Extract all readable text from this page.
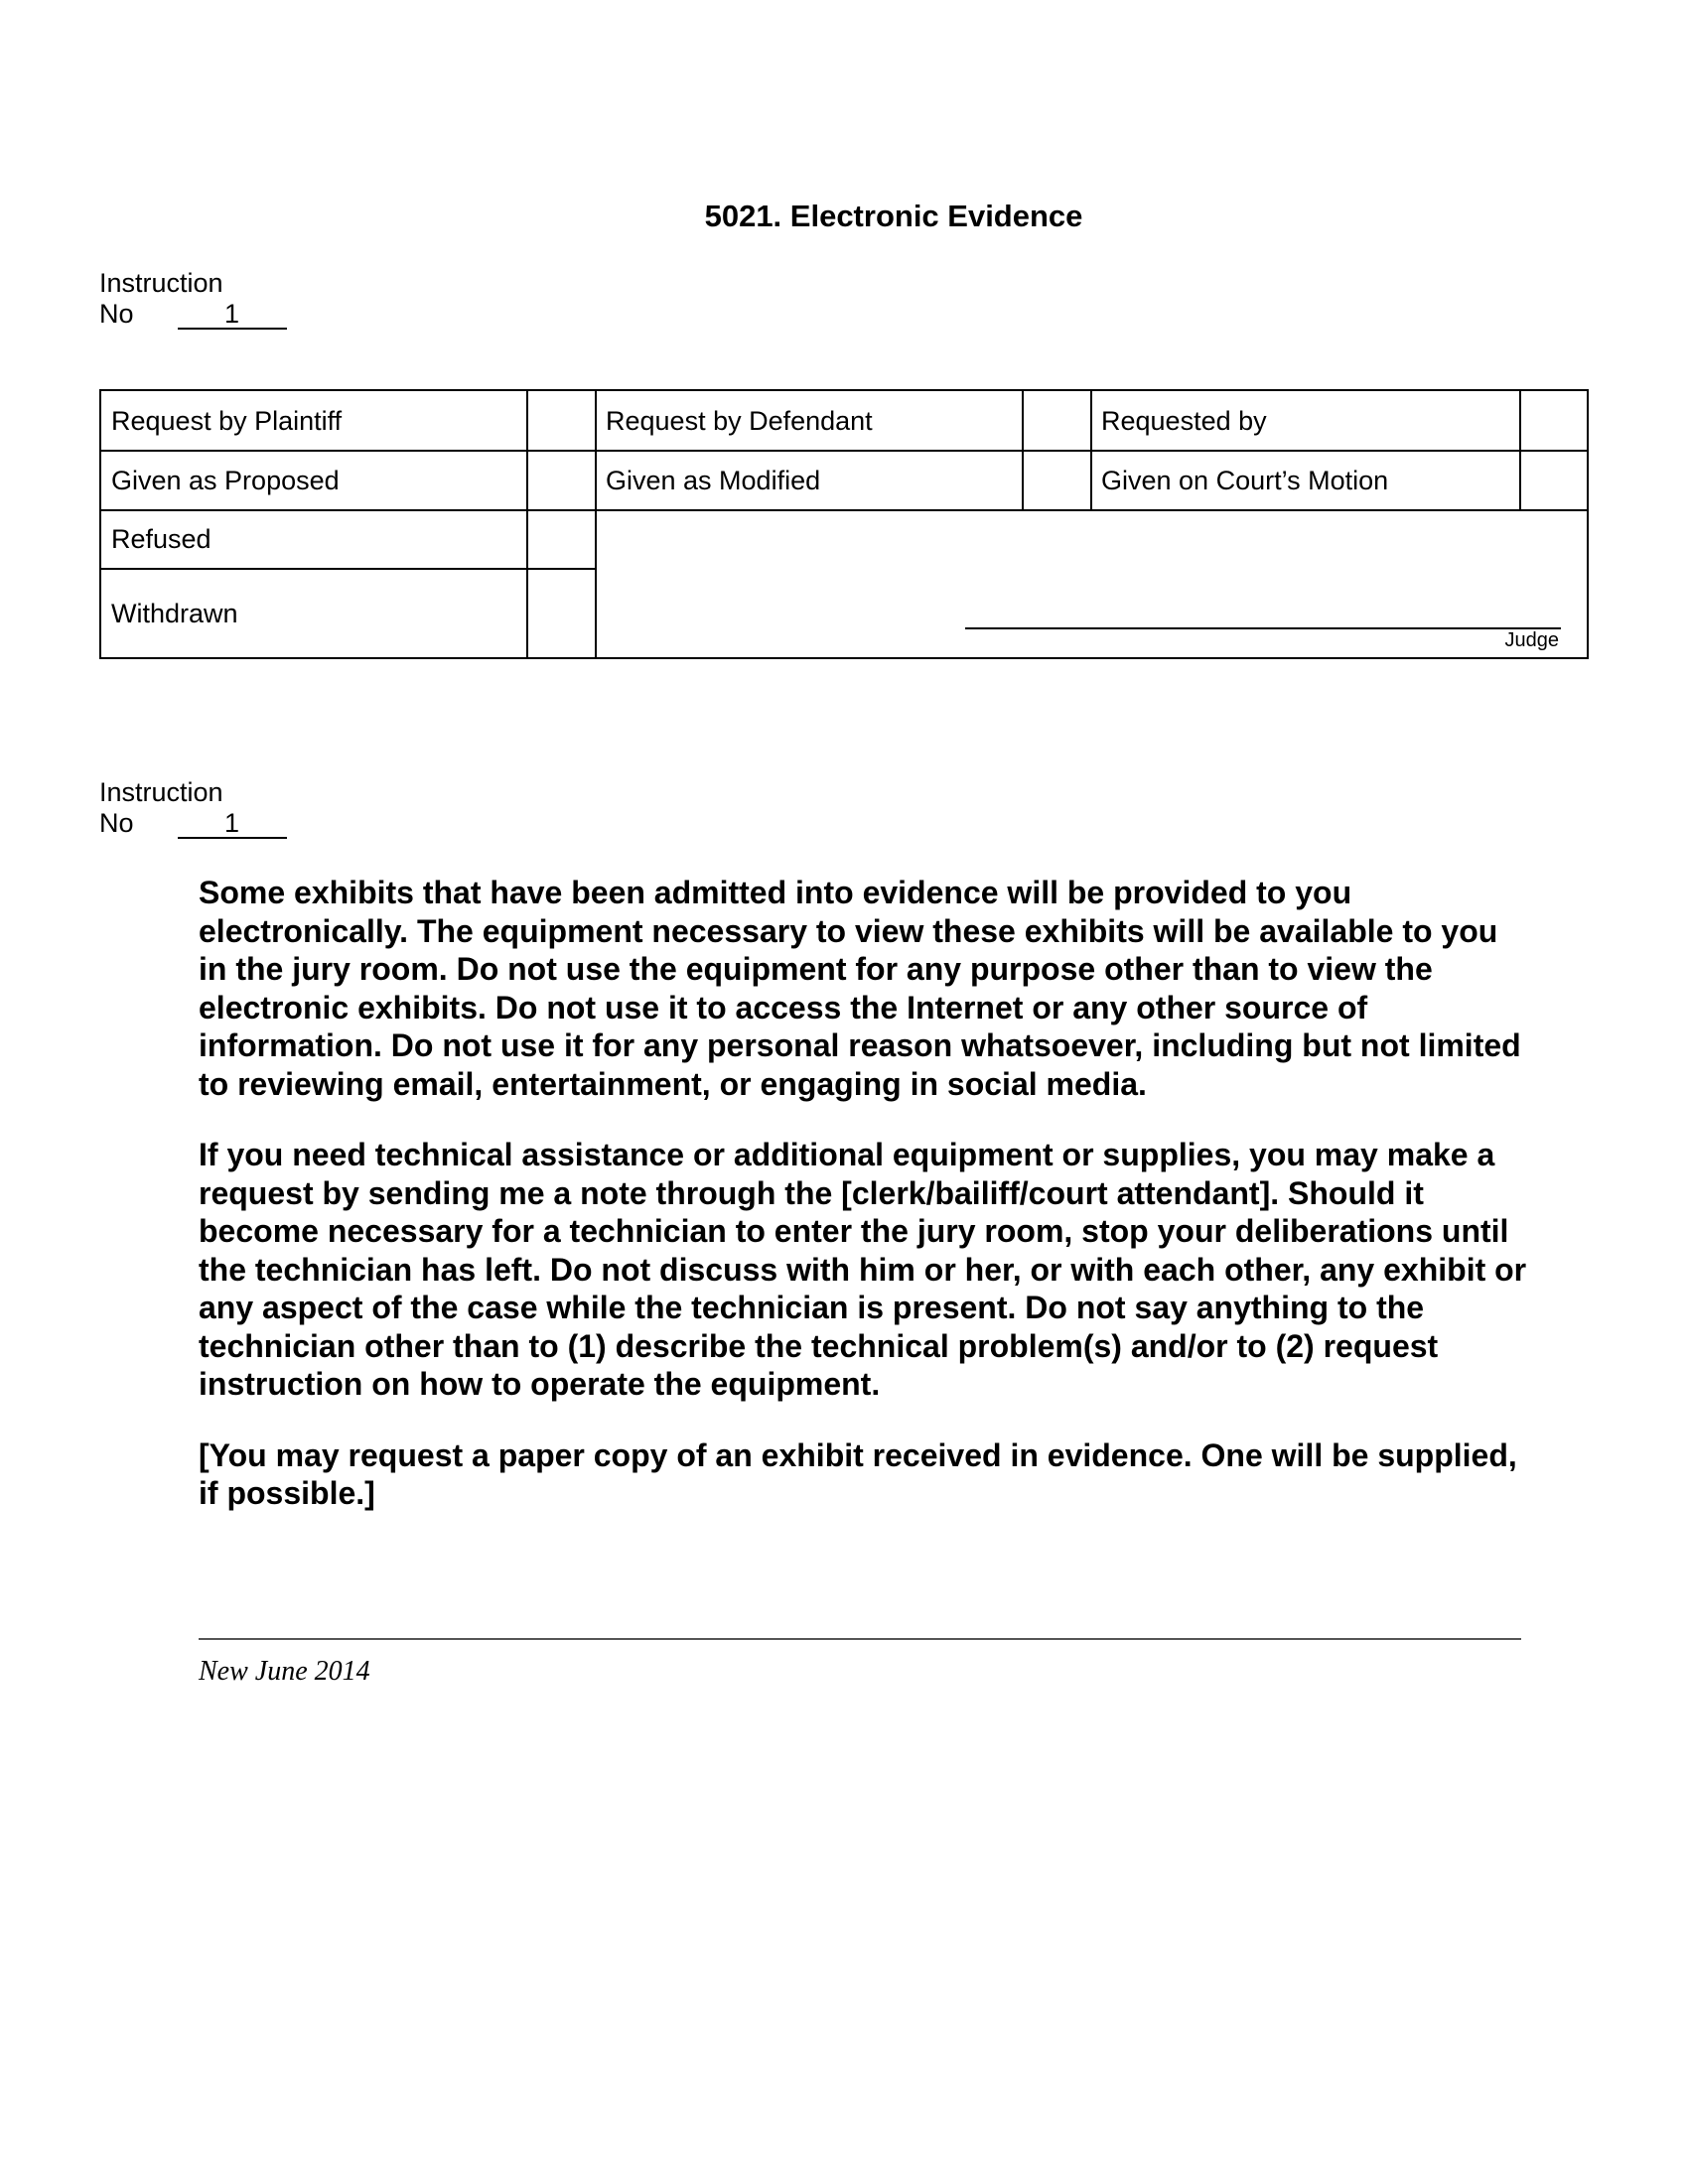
5021. Electronic Evidence
Instruction
No	1
Request by Plaintiff	Request by Defendant	Requested by
Given as Proposed	Given as Modified	Given on Court’s Motion
Refused
Withdrawn
Judge
Instruction
No	1

Some exhibits that have been admitted into evidence will be provided to you electronically. The equipment necessary to view these exhibits will be available to you in the jury room. Do not use the equipment for any purpose other than to view the electronic exhibits. Do not use it to access the Internet or any other source of information. Do not use it for any personal reason whatsoever, including but not limited to reviewing email, entertainment, or engaging in social media.

If you need technical assistance or additional equipment or supplies, you may make a request by sending me a note through the [clerk/bailiff/court attendant]. Should it become necessary for a technician to enter the jury room, stop your deliberations until the technician has left. Do not discuss with him or her, or with each other, any exhibit or any aspect of the case while the technician is present. Do not say anything to the technician other than to (1) describe the technical problem(s) and/or to (2) request instruction on how to operate the equipment.

[You may request a paper copy of an exhibit received in evidence. One will be supplied, if possible.]

New June 2014
